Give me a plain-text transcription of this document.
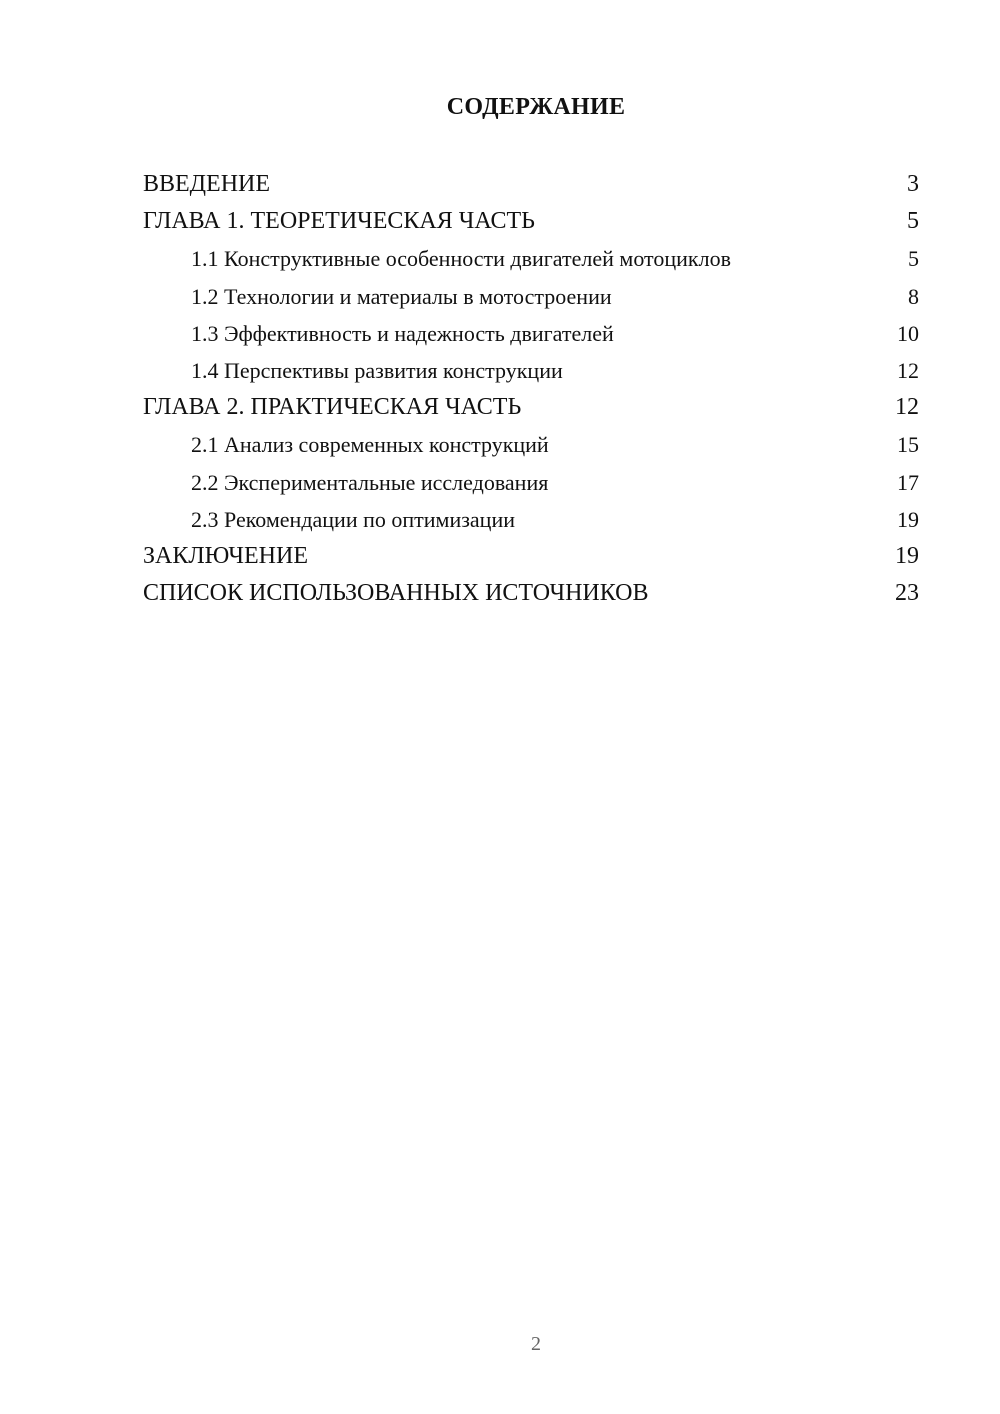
СОДЕРЖАНИЕ
ВВЕДЕНИЕ	3
ГЛАВА 1. ТЕОРЕТИЧЕСКАЯ ЧАСТЬ	5
1.1 Конструктивные особенности двигателей мотоциклов	5
1.2 Технологии и материалы в мотостроении	8
1.3 Эффективность и надежность двигателей	10
1.4 Перспективы развития конструкции	12
ГЛАВА 2. ПРАКТИЧЕСКАЯ ЧАСТЬ	12
2.1 Анализ современных конструкций	15
2.2 Экспериментальные исследования	17
2.3 Рекомендации по оптимизации	19
ЗАКЛЮЧЕНИЕ	19
СПИСОК ИСПОЛЬЗОВАННЫХ ИСТОЧНИКОВ	23
2
